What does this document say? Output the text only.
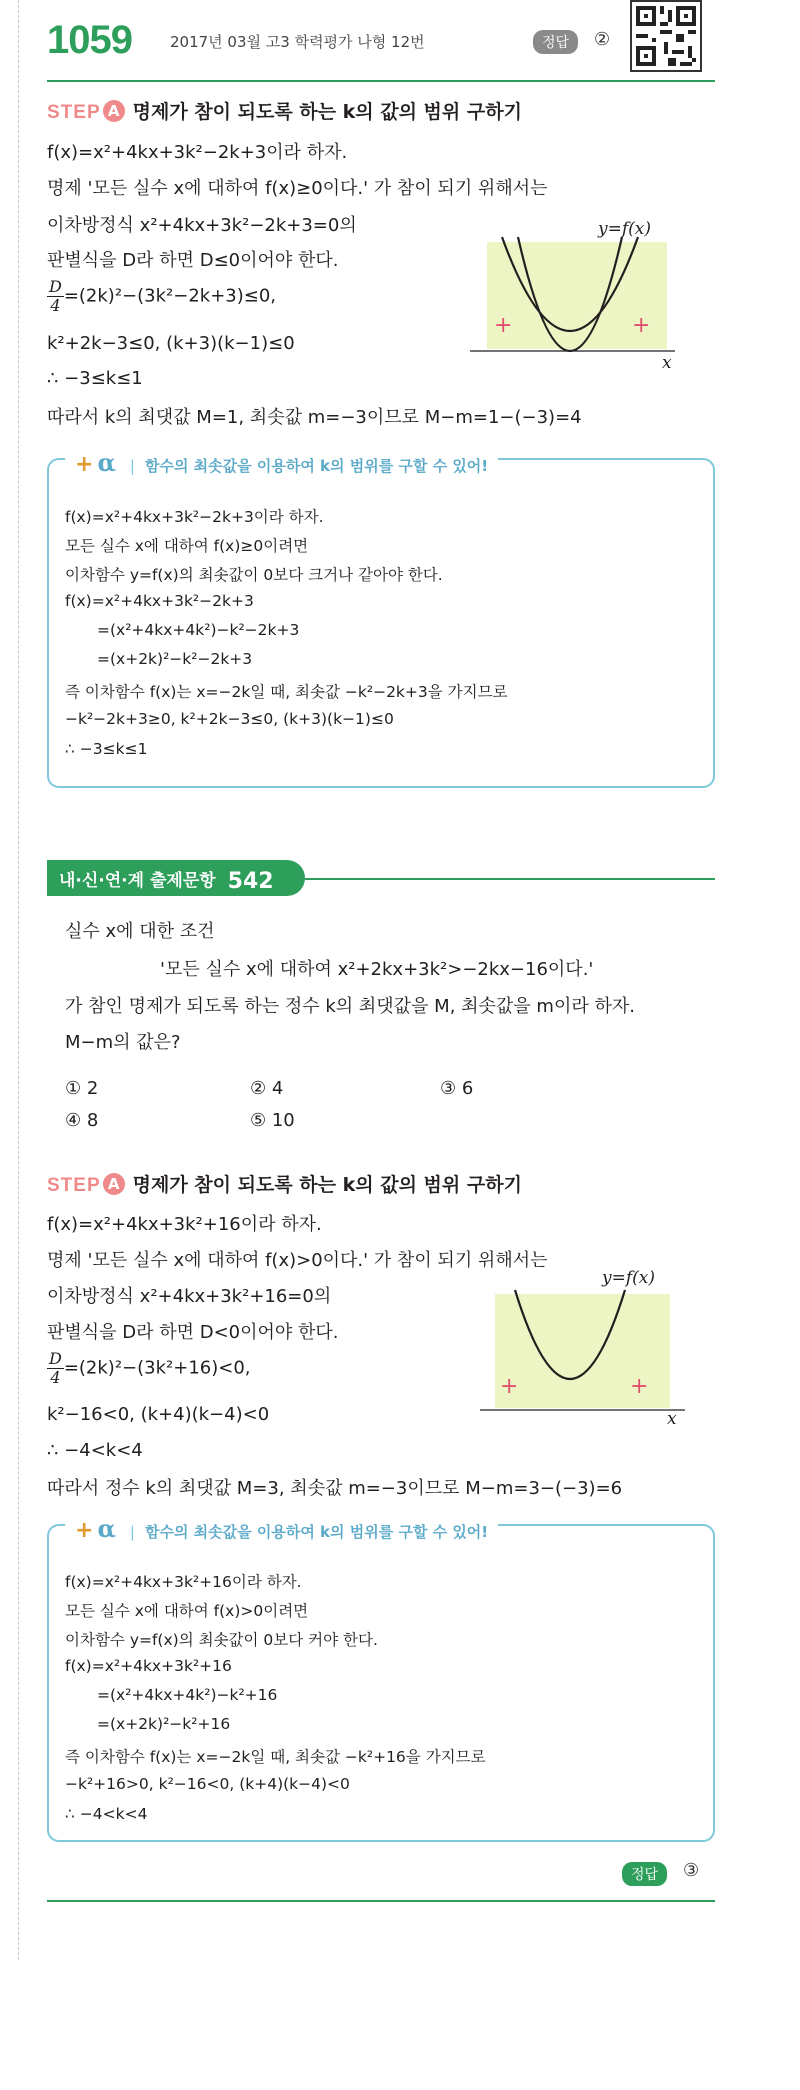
1059	2017년 03월 고3 학력평가 나형 12번	정답	②
STEP A 명제가 참이 되도록 하는 k의 값의 범위 구하기
f(x)=x²+4kx+3k²−2k+3이라 하자.
명제 '모든 실수 x에 대하여 f(x)≥0이다.' 가 참이 되기 위해서는
이차방정식 x²+4kx+3k²−2k+3=0의
판별식을 D라 하면 D≤0이어야 한다.
$\frac{D}{4} =(2k)^2-(3k^2-2k+3)\le 0$,
k²+2k−3≤0, (k+3)(k−1)≤0
∴ −3≤k≤1
따라서 k의 최댓값 M=1, 최솟값 m=−3이므로 M−m=1−(−3)=4
y=f(x)
x
+	+
+ α | 함수의 최솟값을 이용하여 k의 범위를 구할 수 있어!
f(x)=x²+4kx+3k²−2k+3이라 하자.
모든 실수 x에 대하여 f(x)≥0이려면
이차함수 y=f(x)의 최솟값이 0보다 크거나 같아야 한다.
f(x)=x²+4kx+3k²−2k+3
=(x²+4kx+4k²)−k²−2k+3
=(x+2k)²−k²−2k+3
즉 이차함수 f(x)는 x=−2k일 때, 최솟값 −k²−2k+3을 가지므로
−k²−2k+3≥0, k²+2k−3≤0, (k+3)(k−1)≤0
∴ −3≤k≤1
내·신·연·계 출제문항 542
실수 x에 대한 조건
'모든 실수 x에 대하여 x²+2kx+3k²>−2kx−16이다.'
가 참인 명제가 되도록 하는 정수 k의 최댓값을 M, 최솟값을 m이라 하자.
M−m의 값은?
① 2	② 4	③ 6
④ 8	⑤ 10
STEP A 명제가 참이 되도록 하는 k의 값의 범위 구하기
f(x)=x²+4kx+3k²+16이라 하자.
명제 '모든 실수 x에 대하여 f(x)>0이다.' 가 참이 되기 위해서는
이차방정식 x²+4kx+3k²+16=0의
판별식을 D라 하면 D<0이어야 한다.
$\frac{D}{4} =(2k)^2-(3k^2+16)<0$,
k²−16<0, (k+4)(k−4)<0
∴ −4<k<4
따라서 정수 k의 최댓값 M=3, 최솟값 m=−3이므로 M−m=3−(−3)=6
y=f(x)
x
+	+
+ α | 함수의 최솟값을 이용하여 k의 범위를 구할 수 있어!
f(x)=x²+4kx+3k²+16이라 하자.
모든 실수 x에 대하여 f(x)>0이려면
이차함수 y=f(x)의 최솟값이 0보다 커야 한다.
f(x)=x²+4kx+3k²+16
=(x²+4kx+4k²)−k²+16
=(x+2k)²−k²+16
즉 이차함수 f(x)는 x=−2k일 때, 최솟값 −k²+16을 가지므로
−k²+16>0, k²−16<0, (k+4)(k−4)<0
∴ −4<k<4
정답	③
